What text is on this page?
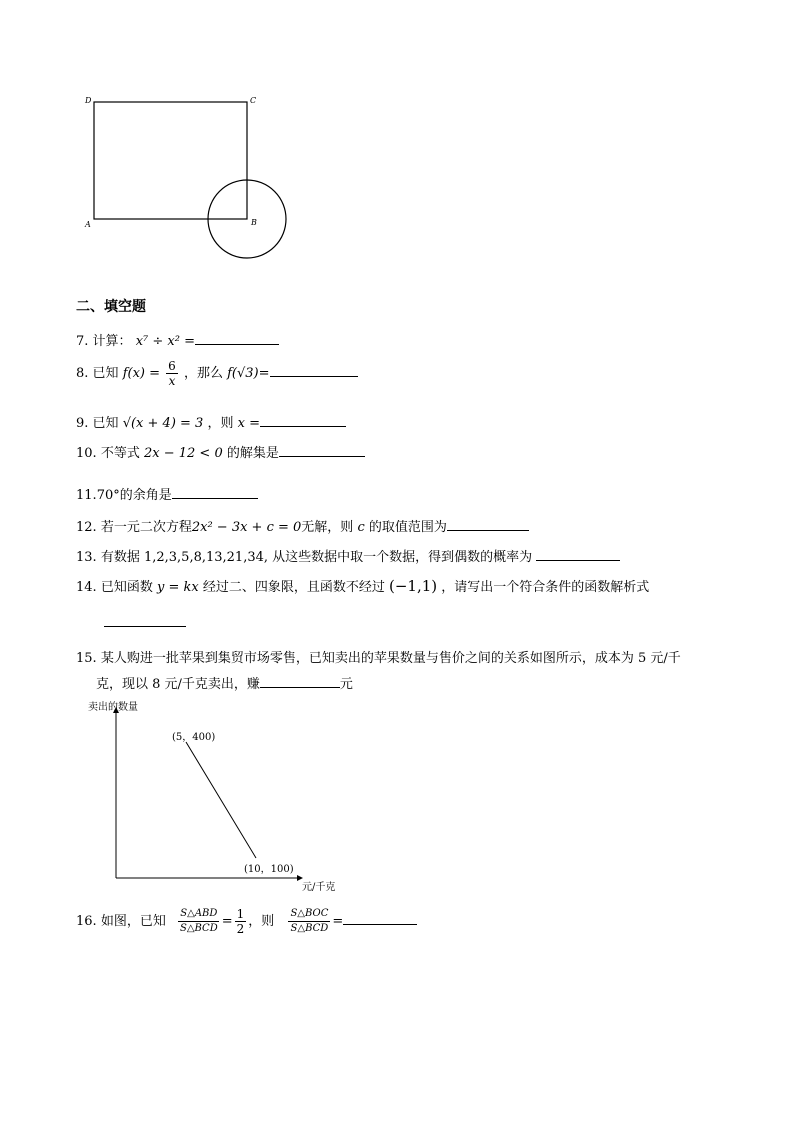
D	C
A	B
二、填空题
7. 计算： x⁷ ÷ x² =
8. 已知 $f(x) = \frac{6}{x}$ ，那么 f(√3)=
9. 已知 √(x + 4) = 3 ，则 x =
10. 不等式 2x − 12 < 0 的解集是
11.70°的余角是
12. 若一元二次方程2x² − 3x + c = 0无解，则 c 的取值范围为
13. 有数据 1,2,3,5,8,13,21,34, 从这些数据中取一个数据，得到偶数的概率为
14. 已知函数 y = kx 经过二、四象限，且函数不经过 (−1,1) ，请写出一个符合条件的函数解析式
15. 某人购进一批苹果到集贸市场零售，已知卖出的苹果数量与售价之间的关系如图所示，成本为 5 元/千
克，现以 8 元/千克卖出，赚	元
卖出的数量
元/千克
(5，400)
(10，100)
16. 如图，已知 $\frac{\text{S△ABD}}{\text{S△BCD}} = \frac{1}{2}$ ，则 $\frac{\text{S△BOC}}{\text{S△BCD}}$ =
